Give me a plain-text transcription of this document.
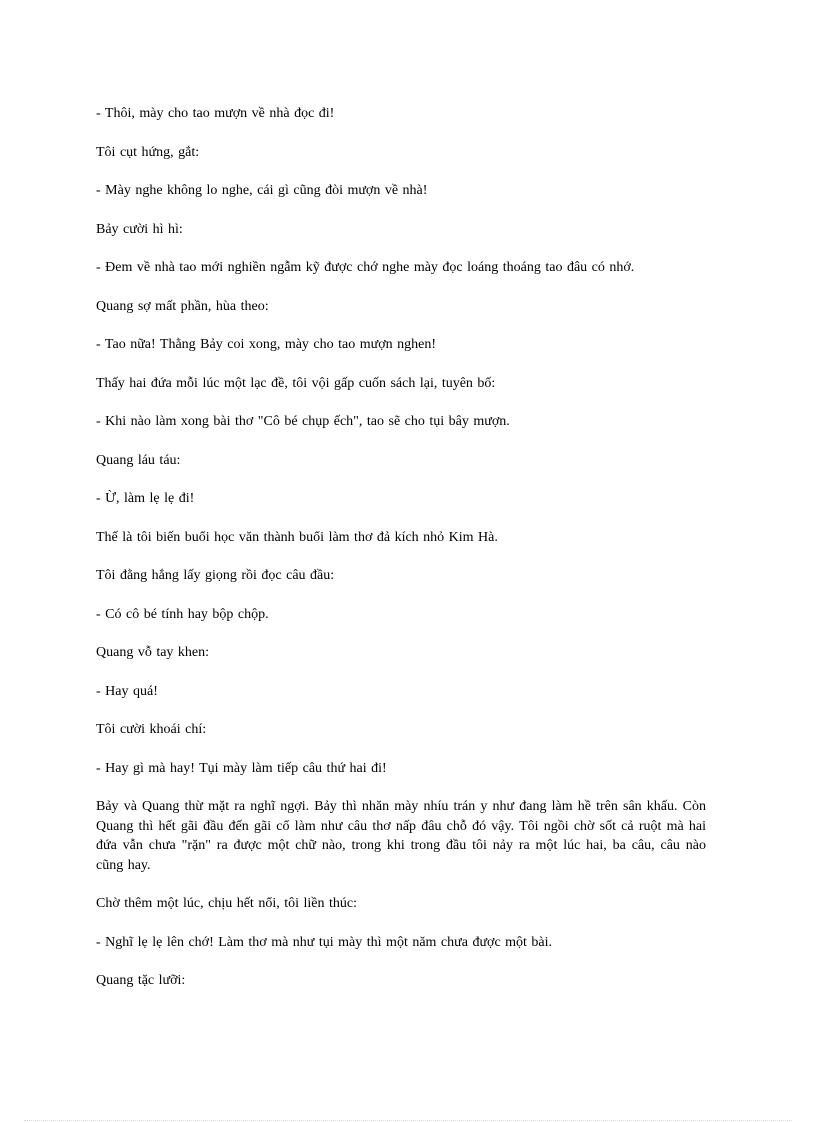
- Thôi, mày cho tao mượn về nhà đọc đi!

Tôi cụt hứng, gắt:

- Mày nghe không lo nghe, cái gì cũng đòi mượn về nhà!

Bảy cười hì hì:

- Đem về nhà tao mới nghiền ngẫm kỹ được chớ nghe mày đọc loáng thoáng tao đâu có nhớ.

Quang sợ mất phần, hùa theo:

- Tao nữa! Thằng Bảy coi xong, mày cho tao mượn nghen!

Thấy hai đứa mỗi lúc một lạc đề, tôi vội gấp cuốn sách lại, tuyên bố:

- Khi nào làm xong bài thơ "Cô bé chụp ếch", tao sẽ cho tụi bây mượn.

Quang láu táu:

- Ừ, làm lẹ lẹ đi!

Thế là tôi biến buổi học văn thành buổi làm thơ đả kích nhỏ Kim Hà.

Tôi đằng hắng lấy giọng rồi đọc câu đầu:

- Có cô bé tính hay bộp chộp.

Quang vỗ tay khen:

- Hay quá!

Tôi cười khoái chí:

- Hay gì mà hay! Tụi mày làm tiếp câu thứ hai đi!

Bảy và Quang thừ mặt ra nghĩ ngợi. Bảy thì nhăn mày nhíu trán y như đang làm hề trên sân khấu. Còn Quang thì hết gãi đầu đến gãi cổ làm như câu thơ nấp đâu chỗ đó vậy. Tôi ngồi chờ sốt cả ruột mà hai đứa vẫn chưa "rặn" ra được một chữ nào, trong khi trong đầu tôi nảy ra một lúc hai, ba câu, câu nào cũng hay.

Chờ thêm một lúc, chịu hết nổi, tôi liền thúc:

- Nghĩ lẹ lẹ lên chớ! Làm thơ mà như tụi mày thì một năm chưa được một bài.

Quang tặc lưỡi:
